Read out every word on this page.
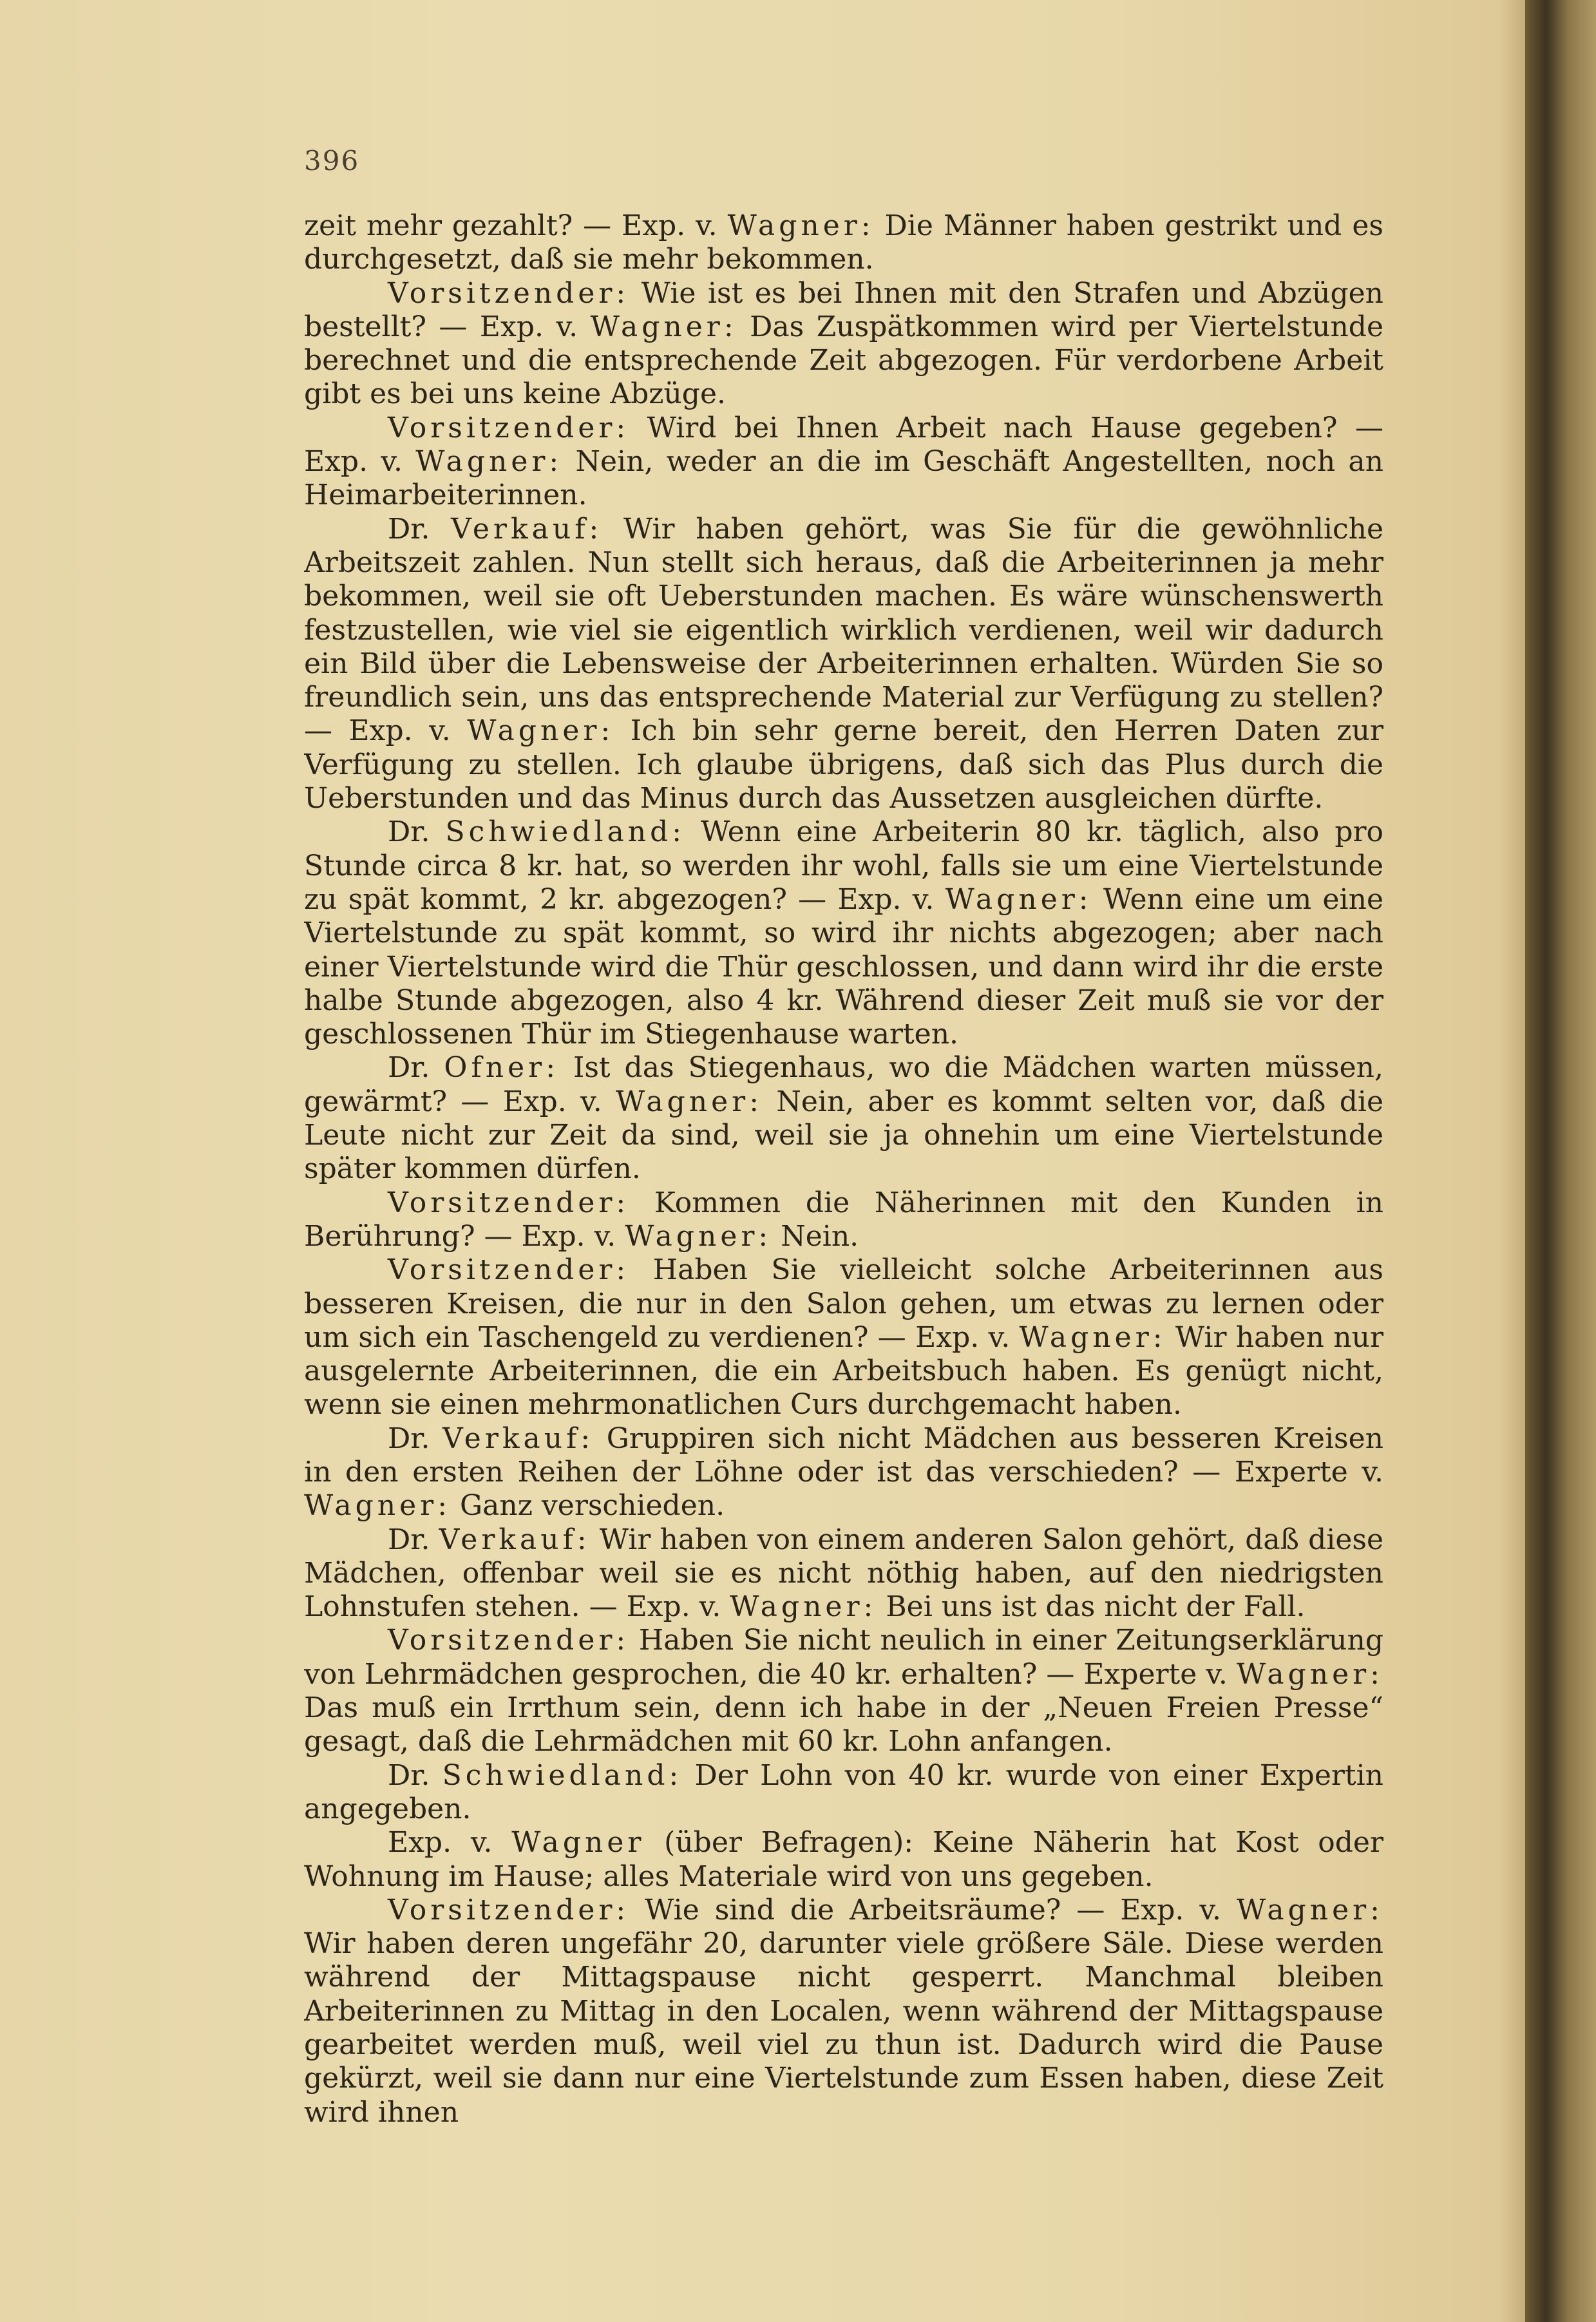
396

zeit mehr gezahlt? — Exp. v. Wagner: Die Männer haben gestrikt und es durchgesetzt, daß sie mehr bekommen.

Vorsitzender: Wie ist es bei Ihnen mit den Strafen und Abzügen bestellt? — Exp. v. Wagner: Das Zuspätkommen wird per Viertelstunde berechnet und die entsprechende Zeit abgezogen. Für verdorbene Arbeit gibt es bei uns keine Abzüge.

Vorsitzender: Wird bei Ihnen Arbeit nach Hause gegeben? — Exp. v. Wagner: Nein, weder an die im Geschäft Angestellten, noch an Heimarbeiterinnen.

Dr. Verkauf: Wir haben gehört, was Sie für die gewöhnliche Arbeitszeit zahlen. Nun stellt sich heraus, daß die Arbeiterinnen ja mehr bekommen, weil sie oft Ueberstunden machen. Es wäre wünschenswerth festzustellen, wie viel sie eigentlich wirklich verdienen, weil wir dadurch ein Bild über die Lebensweise der Arbeiterinnen erhalten. Würden Sie so freundlich sein, uns das entsprechende Material zur Verfügung zu stellen? — Exp. v. Wagner: Ich bin sehr gerne bereit, den Herren Daten zur Verfügung zu stellen. Ich glaube übrigens, daß sich das Plus durch die Ueberstunden und das Minus durch das Aussetzen ausgleichen dürfte.

Dr. Schwiedland: Wenn eine Arbeiterin 80 kr. täglich, also pro Stunde circa 8 kr. hat, so werden ihr wohl, falls sie um eine Viertelstunde zu spät kommt, 2 kr. abgezogen? — Exp. v. Wagner: Wenn eine um eine Viertelstunde zu spät kommt, so wird ihr nichts abgezogen; aber nach einer Viertelstunde wird die Thür geschlossen, und dann wird ihr die erste halbe Stunde abgezogen, also 4 kr. Während dieser Zeit muß sie vor der geschlossenen Thür im Stiegenhause warten.

Dr. Ofner: Ist das Stiegenhaus, wo die Mädchen warten müssen, gewärmt? — Exp. v. Wagner: Nein, aber es kommt selten vor, daß die Leute nicht zur Zeit da sind, weil sie ja ohnehin um eine Viertelstunde später kommen dürfen.

Vorsitzender: Kommen die Näherinnen mit den Kunden in Berührung? — Exp. v. Wagner: Nein.

Vorsitzender: Haben Sie vielleicht solche Arbeiterinnen aus besseren Kreisen, die nur in den Salon gehen, um etwas zu lernen oder um sich ein Taschengeld zu verdienen? — Exp. v. Wagner: Wir haben nur ausgelernte Arbeiterinnen, die ein Arbeitsbuch haben. Es genügt nicht, wenn sie einen mehrmonatlichen Curs durchgemacht haben.

Dr. Verkauf: Gruppiren sich nicht Mädchen aus besseren Kreisen in den ersten Reihen der Löhne oder ist das verschieden? — Experte v. Wagner: Ganz verschieden.

Dr. Verkauf: Wir haben von einem anderen Salon gehört, daß diese Mädchen, offenbar weil sie es nicht nöthig haben, auf den niedrigsten Lohnstufen stehen. — Exp. v. Wagner: Bei uns ist das nicht der Fall.

Vorsitzender: Haben Sie nicht neulich in einer Zeitungserklärung von Lehrmädchen gesprochen, die 40 kr. erhalten? — Experte v. Wagner: Das muß ein Irrthum sein, denn ich habe in der „Neuen Freien Presse“ gesagt, daß die Lehrmädchen mit 60 kr. Lohn anfangen.

Dr. Schwiedland: Der Lohn von 40 kr. wurde von einer Expertin angegeben.

Exp. v. Wagner (über Befragen): Keine Näherin hat Kost oder Wohnung im Hause; alles Materiale wird von uns gegeben.

Vorsitzender: Wie sind die Arbeitsräume? — Exp. v. Wagner: Wir haben deren ungefähr 20, darunter viele größere Säle. Diese werden während der Mittagspause nicht gesperrt. Manchmal bleiben Arbeiterinnen zu Mittag in den Localen, wenn während der Mittagspause gearbeitet werden muß, weil viel zu thun ist. Dadurch wird die Pause gekürzt, weil sie dann nur eine Viertelstunde zum Essen haben, diese Zeit wird ihnen
